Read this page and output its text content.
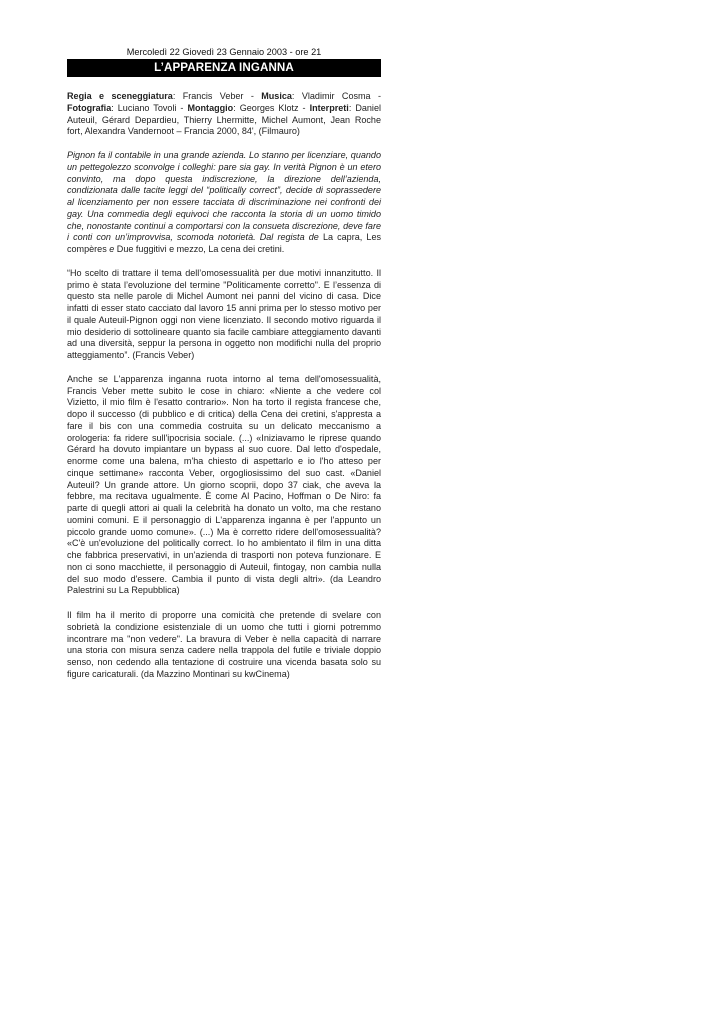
Mercoledì 22 Giovedì 23 Gennaio 2003 - ore 21
L’APPARENZA INGANNA

Regia e sceneggiatura: Francis Veber - Musica: Vladimir Cosma - Fotografia: Luciano Tovoli - Montaggio: Georges Klotz - Interpreti: Daniel Auteuil, Gérard Depardieu, Thierry Lhermitte, Michel Aumont, Jean Roche fort, Alexandra Vandernoot – Francia 2000, 84', (Filmauro)

Pignon fa il contabile in una grande azienda. Lo stanno per licenziare, quando un pettegolezzo sconvolge i colleghi: pare sia gay. In verità Pignon è un etero convinto, ma dopo questa indiscrezione, la direzione dell’azienda, condizionata dalle tacite leggi del “politically correct”, decide di soprassedere al licenziamento per non essere tacciata di discriminazione nei confronti dei gay. Una commedia degli equivoci che racconta la storia di un uomo timido che, nonostante continui a comportarsi con la consueta discrezione, deve fare i conti con un’improvvisa, scomoda notorietà. Dal regista de La capra, Les compères e Due fuggitivi e mezzo, La cena dei cretini.

“Ho scelto di trattare il tema dell’omosessualità per due motivi innanzitutto. Il primo è stata l’evoluzione del termine "Politicamente corretto". E l’essenza di questo sta nelle parole di Michel Aumont nei panni del vicino di casa. Dice infatti di esser stato cacciato dal lavoro 15 anni prima per lo stesso motivo per il quale Auteuil-Pignon oggi non viene licenziato. Il secondo motivo riguarda il mio desiderio di sottolineare quanto sia facile cambiare atteggiamento davanti ad una diversità, seppur la persona in oggetto non modifichi nulla del proprio atteggiamento”. (Francis Veber)

Anche se L'apparenza inganna ruota intorno al tema dell'omosessualità, Francis Veber mette subito le cose in chiaro: «Niente a che vedere col Vizietto, il mio film è l'esatto contrario». Non ha torto il regista francese che, dopo il successo (di pubblico e di critica) della Cena dei cretini, s'appresta a fare il bis con una commedia costruita su un delicato meccanismo a orologeria: fa ridere sull'ipocrisia sociale. (...) «Iniziavamo le riprese quando Gérard ha dovuto impiantare un bypass al suo cuore. Dal letto d'ospedale, enorme come una balena, m'ha chiesto di aspettarlo e io l'ho atteso per cinque settimane» racconta Veber, orgogliosissimo del suo cast. «Daniel Auteuil? Un grande attore. Un giorno scoprii, dopo 37 ciak, che aveva la febbre, ma recitava ugualmente. È come Al Pacino, Hoffman o De Niro: fa parte di quegli attori ai quali la celebrità ha donato un volto, ma che restano uomini comuni. E il personaggio di L'apparenza inganna è per l'appunto un piccolo grande uomo comune». (...) Ma è corretto ridere dell'omosessualità? «C'è un'evoluzione del politically correct. Io ho ambientato il film in una ditta che fabbrica preservativi, in un'azienda di trasporti non poteva funzionare. E non ci sono macchiette, il personaggio di Auteuil, fintogay, non cambia nulla del suo modo d'essere. Cambia il punto di vista degli altri». (da Leandro Palestrini su La Repubblica)

Il film ha il merito di proporre una comicità che pretende di svelare con sobrietà la condizione esistenziale di un uomo che tutti i giorni potremmo incontrare ma "non vedere". La bravura di Veber è nella capacità di narrare una storia con misura senza cadere nella trappola del futile e triviale doppio senso, non cedendo alla tentazione di costruire una vicenda basata solo su figure caricaturali. (da Mazzino Montinari su kwCinema)
